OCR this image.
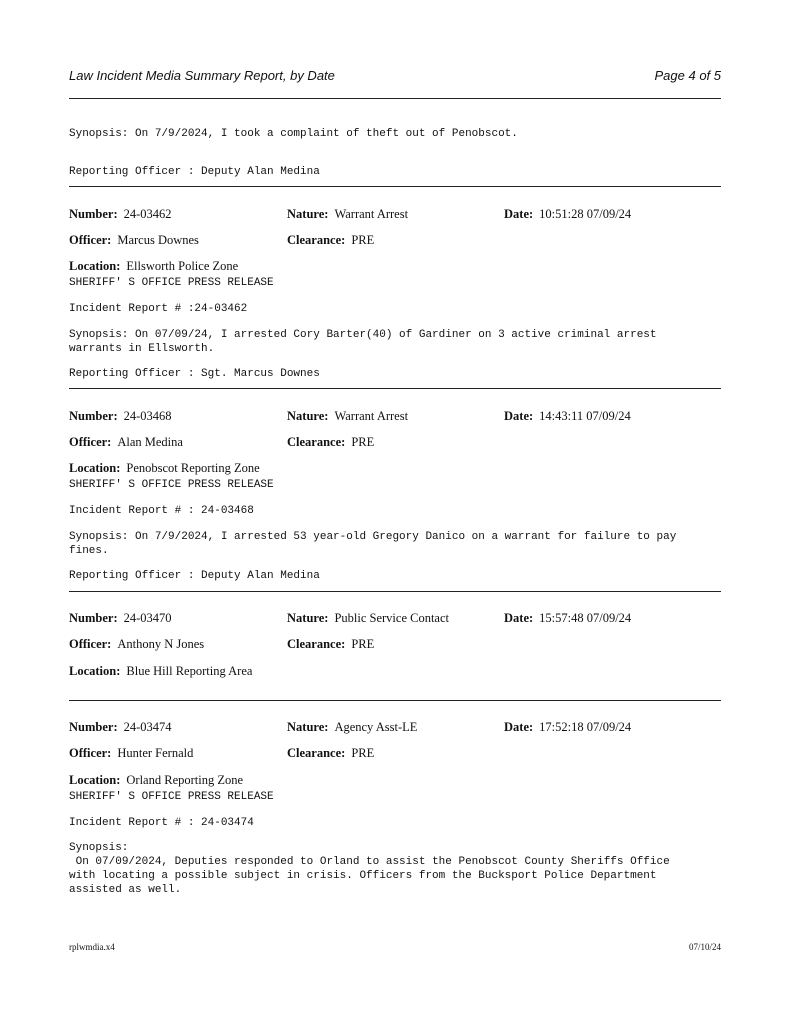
Law Incident Media Summary Report, by Date	Page 4 of 5
Synopsis: On 7/9/2024, I took a complaint of theft out of Penobscot.
Reporting Officer : Deputy Alan Medina
Number: 24-03462	Nature: Warrant Arrest	Date: 10:51:28 07/09/24
Officer: Marcus Downes	Clearance: PRE
Location: Ellsworth Police Zone
SHERIFF' S OFFICE PRESS RELEASE
Incident Report # :24-03462
Synopsis: On 07/09/24, I arrested Cory Barter(40) of Gardiner on 3 active criminal arrest
warrants in Ellsworth.
Reporting Officer : Sgt. Marcus Downes
Number: 24-03468	Nature: Warrant Arrest	Date: 14:43:11 07/09/24
Officer: Alan Medina	Clearance: PRE
Location: Penobscot Reporting Zone
SHERIFF' S OFFICE PRESS RELEASE
Incident Report # : 24-03468
Synopsis: On 7/9/2024, I arrested 53 year-old Gregory Danico on a warrant for failure to pay
fines.
Reporting Officer : Deputy Alan Medina
Number: 24-03470	Nature: Public Service Contact	Date: 15:57:48 07/09/24
Officer: Anthony N Jones	Clearance: PRE
Location: Blue Hill Reporting Area
Number: 24-03474	Nature: Agency Asst-LE	Date: 17:52:18 07/09/24
Officer: Hunter Fernald	Clearance: PRE
Location: Orland Reporting Zone
SHERIFF' S OFFICE PRESS RELEASE
Incident Report # : 24-03474
Synopsis:
On 07/09/2024, Deputies responded to Orland to assist the Penobscot County Sheriffs Office
with locating a possible subject in crisis. Officers from the Bucksport Police Department
assisted as well.
rplwmdia.x4	07/10/24
